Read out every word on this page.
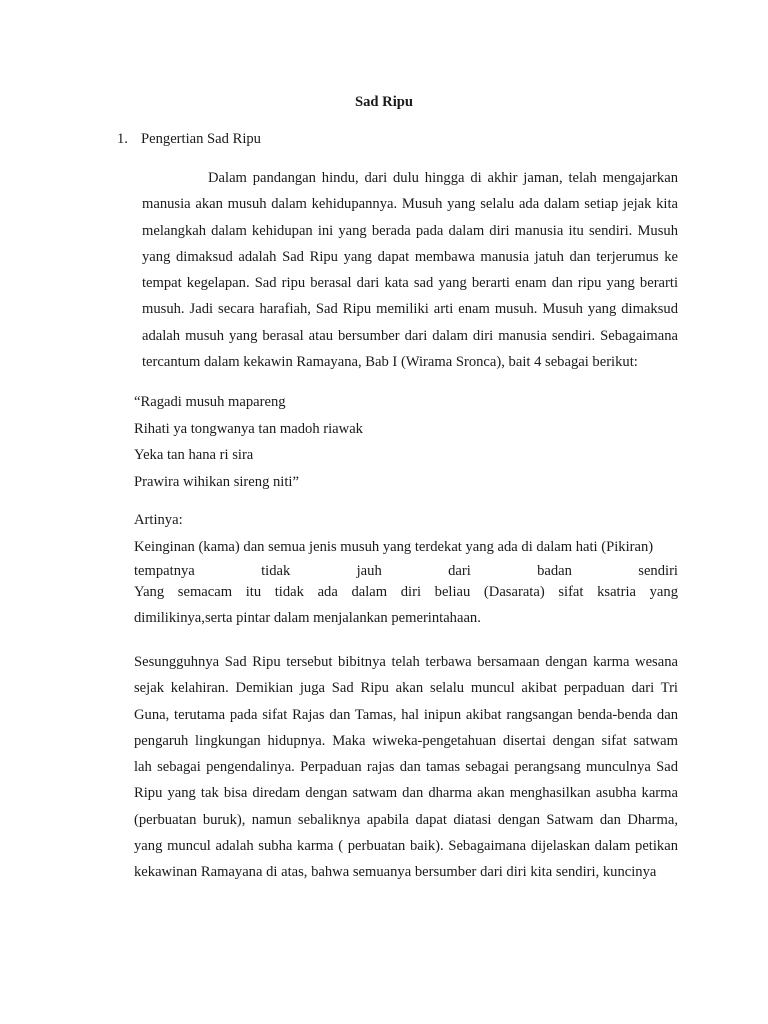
Sad Ripu
1. Pengertian Sad Ripu
Dalam pandangan hindu, dari dulu hingga di akhir jaman, telah mengajarkan
manusia akan musuh dalam kehidupannya. Musuh yang selalu ada dalam setiap jejak kita
melangkah dalam kehidupan ini yang berada pada dalam diri manusia itu sendiri. Musuh
yang dimaksud adalah Sad Ripu yang dapat membawa manusia jatuh dan terjerumus ke
tempat kegelapan. Sad ripu berasal dari kata sad yang berarti enam dan ripu yang berarti
musuh. Jadi secara harafiah, Sad Ripu memiliki arti enam musuh. Musuh yang dimaksud
adalah musuh yang berasal atau bersumber dari dalam diri manusia sendiri. Sebagaimana
tercantum dalam kekawin Ramayana, Bab I (Wirama Sronca), bait 4 sebagai berikut:
“Ragadi musuh mapareng
Rihati ya tongwanya tan madoh riawak
Yeka tan hana ri sira
Prawira wihikan sireng niti”
Artinya:
Keinginan (kama) dan semua jenis musuh yang terdekat yang ada di dalam hati (Pikiran)
tempatnya tidak jauh dari badan sendiri
Yang semacam itu tidak ada dalam diri beliau (Dasarata) sifat ksatria yang
dimilikinya,serta pintar dalam menjalankan pemerintahaan.
Sesungguhnya Sad Ripu tersebut bibitnya telah terbawa bersamaan dengan karma wesana
sejak kelahiran. Demikian juga Sad Ripu akan selalu muncul akibat perpaduan dari Tri
Guna, terutama pada sifat Rajas dan Tamas, hal inipun akibat rangsangan benda-benda dan
pengaruh lingkungan hidupnya. Maka wiweka-pengetahuan disertai dengan sifat satwam
lah sebagai pengendalinya. Perpaduan rajas dan tamas sebagai perangsang munculnya Sad
Ripu yang tak bisa diredam dengan satwam dan dharma akan menghasilkan asubha karma
(perbuatan buruk), namun sebaliknya apabila dapat diatasi dengan Satwam dan Dharma,
yang muncul adalah subha karma ( perbuatan baik). Sebagaimana dijelaskan dalam petikan
kekawinan Ramayana di atas, bahwa semuanya bersumber dari diri kita sendiri, kuncinya
